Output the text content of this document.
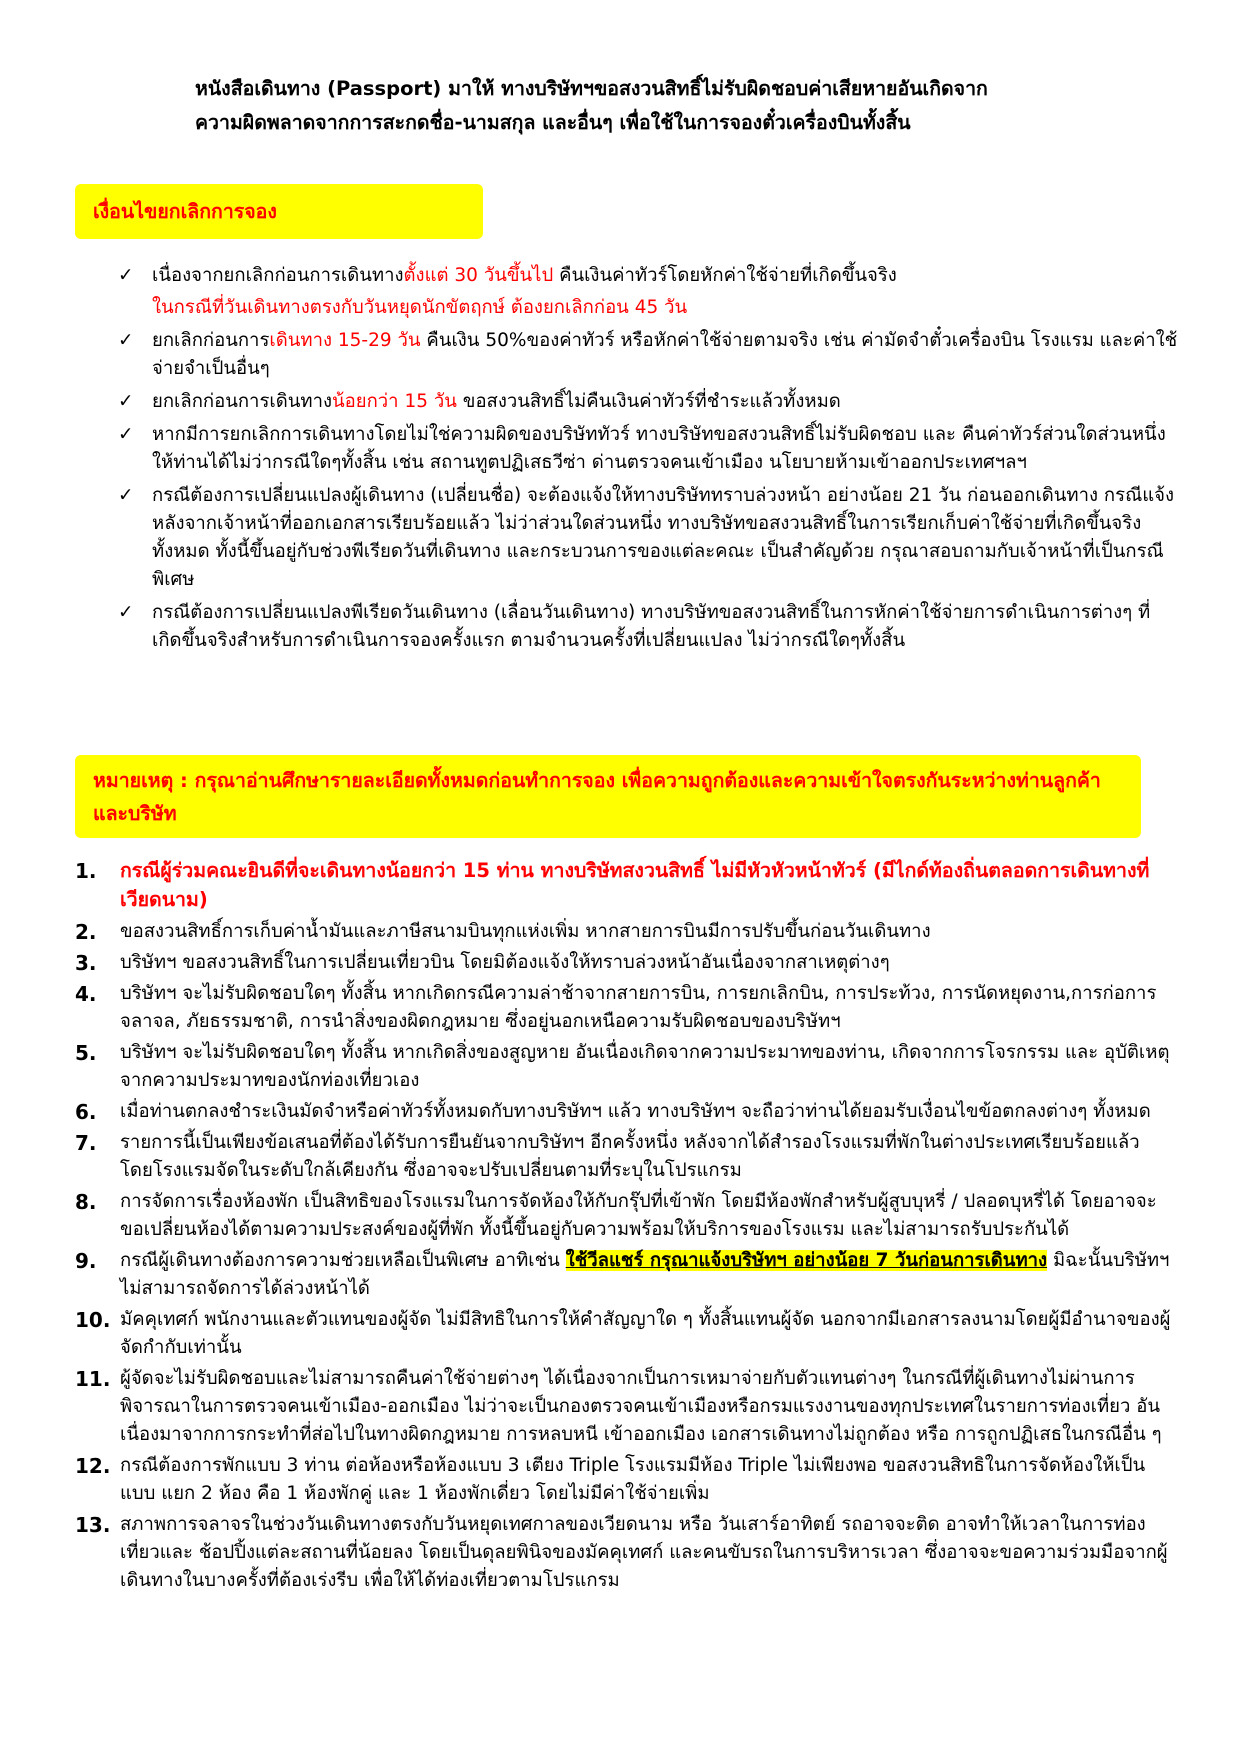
หนังสือเดินทาง (Passport) มาให้ ทางบริษัทฯขอสงวนสิทธิ์ไม่รับผิดชอบค่าเสียหายอันเกิดจาก
ความผิดพลาดจากการสะกดชื่อ-นามสกุล และอื่นๆ เพื่อใช้ในการจองตั๋วเครื่องบินทั้งสิ้น
เงื่อนไขยกเลิกการจอง
✓ เนื่องจากยกเลิกก่อนการเดินทางตั้งแต่ 30 วันขึ้นไป คืนเงินค่าทัวร์โดยหักค่าใช้จ่ายที่เกิดขึ้นจริง
ในกรณีที่วันเดินทางตรงกับวันหยุดนักขัตฤกษ์ ต้องยกเลิกก่อน 45 วัน
✓ ยกเลิกก่อนการเดินทาง 15-29 วัน คืนเงิน 50%ของค่าทัวร์ หรือหักค่าใช้จ่ายตามจริง เช่น ค่ามัดจำตั๋วเครื่องบิน โรงแรม และค่าใช้จ่ายจำเป็นอื่นๆ
✓ ยกเลิกก่อนการเดินทางน้อยกว่า 15 วัน ขอสงวนสิทธิ์ไม่คืนเงินค่าทัวร์ที่ชำระแล้วทั้งหมด
✓ หากมีการยกเลิกการเดินทางโดยไม่ใช่ความผิดของบริษัททัวร์ ทางบริษัทขอสงวนสิทธิ์ไม่รับผิดชอบ และ คืนค่าทัวร์ส่วนใดส่วนหนึ่งให้ท่านได้ไม่ว่ากรณีใดๆทั้งสิ้น เช่น สถานทูตปฏิเสธวีซ่า ด่านตรวจคนเข้าเมือง นโยบายห้ามเข้าออกประเทศฯลฯ
✓ กรณีต้องการเปลี่ยนแปลงผู้เดินทาง (เปลี่ยนชื่อ) จะต้องแจ้งให้ทางบริษัททราบล่วงหน้า อย่างน้อย 21 วัน ก่อนออกเดินทาง กรณีแจ้งหลังจากเจ้าหน้าที่ออกเอกสารเรียบร้อยแล้ว ไม่ว่าส่วนใดส่วนหนึ่ง ทางบริษัทขอสงวนสิทธิ์ในการเรียกเก็บค่าใช้จ่ายที่เกิดขึ้นจริงทั้งหมด ทั้งนี้ขึ้นอยู่กับช่วงพีเรียดวันที่เดินทาง และกระบวนการของแต่ละคณะ เป็นสำคัญด้วย กรุณาสอบถามกับเจ้าหน้าที่เป็นกรณีพิเศษ
✓ กรณีต้องการเปลี่ยนแปลงพีเรียดวันเดินทาง (เลื่อนวันเดินทาง) ทางบริษัทขอสงวนสิทธิ์ในการหักค่าใช้จ่ายการดำเนินการต่างๆ ที่เกิดขึ้นจริงสำหรับการดำเนินการจองครั้งแรก ตามจำนวนครั้งที่เปลี่ยนแปลง ไม่ว่ากรณีใดๆทั้งสิ้น
หมายเหตุ : กรุณาอ่านศึกษารายละเอียดทั้งหมดก่อนทำการจอง เพื่อความถูกต้องและความเข้าใจตรงกันระหว่างท่านลูกค้าและบริษัท
1. กรณีผู้ร่วมคณะยินดีที่จะเดินทางน้อยกว่า 15 ท่าน ทางบริษัทสงวนสิทธิ์ ไม่มีหัวหัวหน้าทัวร์ (มีไกด์ท้องถิ่นตลอดการเดินทางที่เวียดนาม)
2. ขอสงวนสิทธิ์การเก็บค่าน้ำมันและภาษีสนามบินทุกแห่งเพิ่ม หากสายการบินมีการปรับขึ้นก่อนวันเดินทาง
3. บริษัทฯ ขอสงวนสิทธิ์ในการเปลี่ยนเที่ยวบิน โดยมิต้องแจ้งให้ทราบล่วงหน้าอันเนื่องจากสาเหตุต่างๆ
4. บริษัทฯ จะไม่รับผิดชอบใดๆ ทั้งสิ้น หากเกิดกรณีความล่าช้าจากสายการบิน, การยกเลิกบิน, การประท้วง, การนัดหยุดงาน,การก่อการจลาจล, ภัยธรรมชาติ, การนำสิ่งของผิดกฎหมาย ซึ่งอยู่นอกเหนือความรับผิดชอบของบริษัทฯ
5. บริษัทฯ จะไม่รับผิดชอบใดๆ ทั้งสิ้น หากเกิดสิ่งของสูญหาย อันเนื่องเกิดจากความประมาทของท่าน, เกิดจากการโจรกรรม และ อุบัติเหตุจากความประมาทของนักท่องเที่ยวเอง
6. เมื่อท่านตกลงชำระเงินมัดจำหรือค่าทัวร์ทั้งหมดกับทางบริษัทฯ แล้ว ทางบริษัทฯ จะถือว่าท่านได้ยอมรับเงื่อนไขข้อตกลงต่างๆ ทั้งหมด
7. รายการนี้เป็นเพียงข้อเสนอที่ต้องได้รับการยืนยันจากบริษัทฯ อีกครั้งหนึ่ง หลังจากได้สำรองโรงแรมที่พักในต่างประเทศเรียบร้อยแล้ว โดยโรงแรมจัดในระดับใกล้เคียงกัน ซึ่งอาจจะปรับเปลี่ยนตามที่ระบุในโปรแกรม
8. การจัดการเรื่องห้องพัก เป็นสิทธิของโรงแรมในการจัดห้องให้กับกรุ๊ปที่เข้าพัก โดยมีห้องพักสำหรับผู้สูบบุหรี่ / ปลอดบุหรี่ได้ โดยอาจจะขอเปลี่ยนห้องได้ตามความประสงค์ของผู้ที่พัก ทั้งนี้ขึ้นอยู่กับความพร้อมให้บริการของโรงแรม และไม่สามารถรับประกันได้
9. กรณีผู้เดินทางต้องการความช่วยเหลือเป็นพิเศษ อาทิเช่น ใช้วีลแชร์ กรุณาแจ้งบริษัทฯ อย่างน้อย 7 วันก่อนการเดินทาง มิฉะนั้นบริษัทฯไม่สามารถจัดการได้ล่วงหน้าได้
10. มัคคุเทศก์ พนักงานและตัวแทนของผู้จัด ไม่มีสิทธิในการให้คำสัญญาใด ๆ ทั้งสิ้นแทนผู้จัด นอกจากมีเอกสารลงนามโดยผู้มีอำนาจของผู้จัดกำกับเท่านั้น
11. ผู้จัดจะไม่รับผิดชอบและไม่สามารถคืนค่าใช้จ่ายต่างๆ ได้เนื่องจากเป็นการเหมาจ่ายกับตัวแทนต่างๆ ในกรณีที่ผู้เดินทางไม่ผ่านการพิจารณาในการตรวจคนเข้าเมือง-ออกเมือง ไม่ว่าจะเป็นกองตรวจคนเข้าเมืองหรือกรมแรงงานของทุกประเทศในรายการท่องเที่ยว อันเนื่องมาจากการกระทำที่ส่อไปในทางผิดกฎหมาย การหลบหนี เข้าออกเมือง เอกสารเดินทางไม่ถูกต้อง หรือ การถูกปฏิเสธในกรณีอื่น ๆ
12. กรณีต้องการพักแบบ 3 ท่าน ต่อห้องหรือห้องแบบ 3 เตียง Triple โรงแรมมีห้อง Triple ไม่เพียงพอ ขอสงวนสิทธิในการจัดห้องให้เป็นแบบ แยก 2 ห้อง คือ 1 ห้องพักคู่ และ 1 ห้องพักเดี่ยว โดยไม่มีค่าใช้จ่ายเพิ่ม
13. สภาพการจลาจรในช่วงวันเดินทางตรงกับวันหยุดเทศกาลของเวียดนาม หรือ วันเสาร์อาทิตย์ รถอาจจะติด อาจทำให้เวลาในการท่องเที่ยวและ ช้อปปิ้งแต่ละสถานที่น้อยลง โดยเป็นดุลยพินิจของมัคคุเทศก์ และคนขับรถในการบริหารเวลา ซึ่งอาจจะขอความร่วมมือจากผู้เดินทางในบางครั้งที่ต้องเร่งรีบ เพื่อให้ได้ท่องเที่ยวตามโปรแกรม
